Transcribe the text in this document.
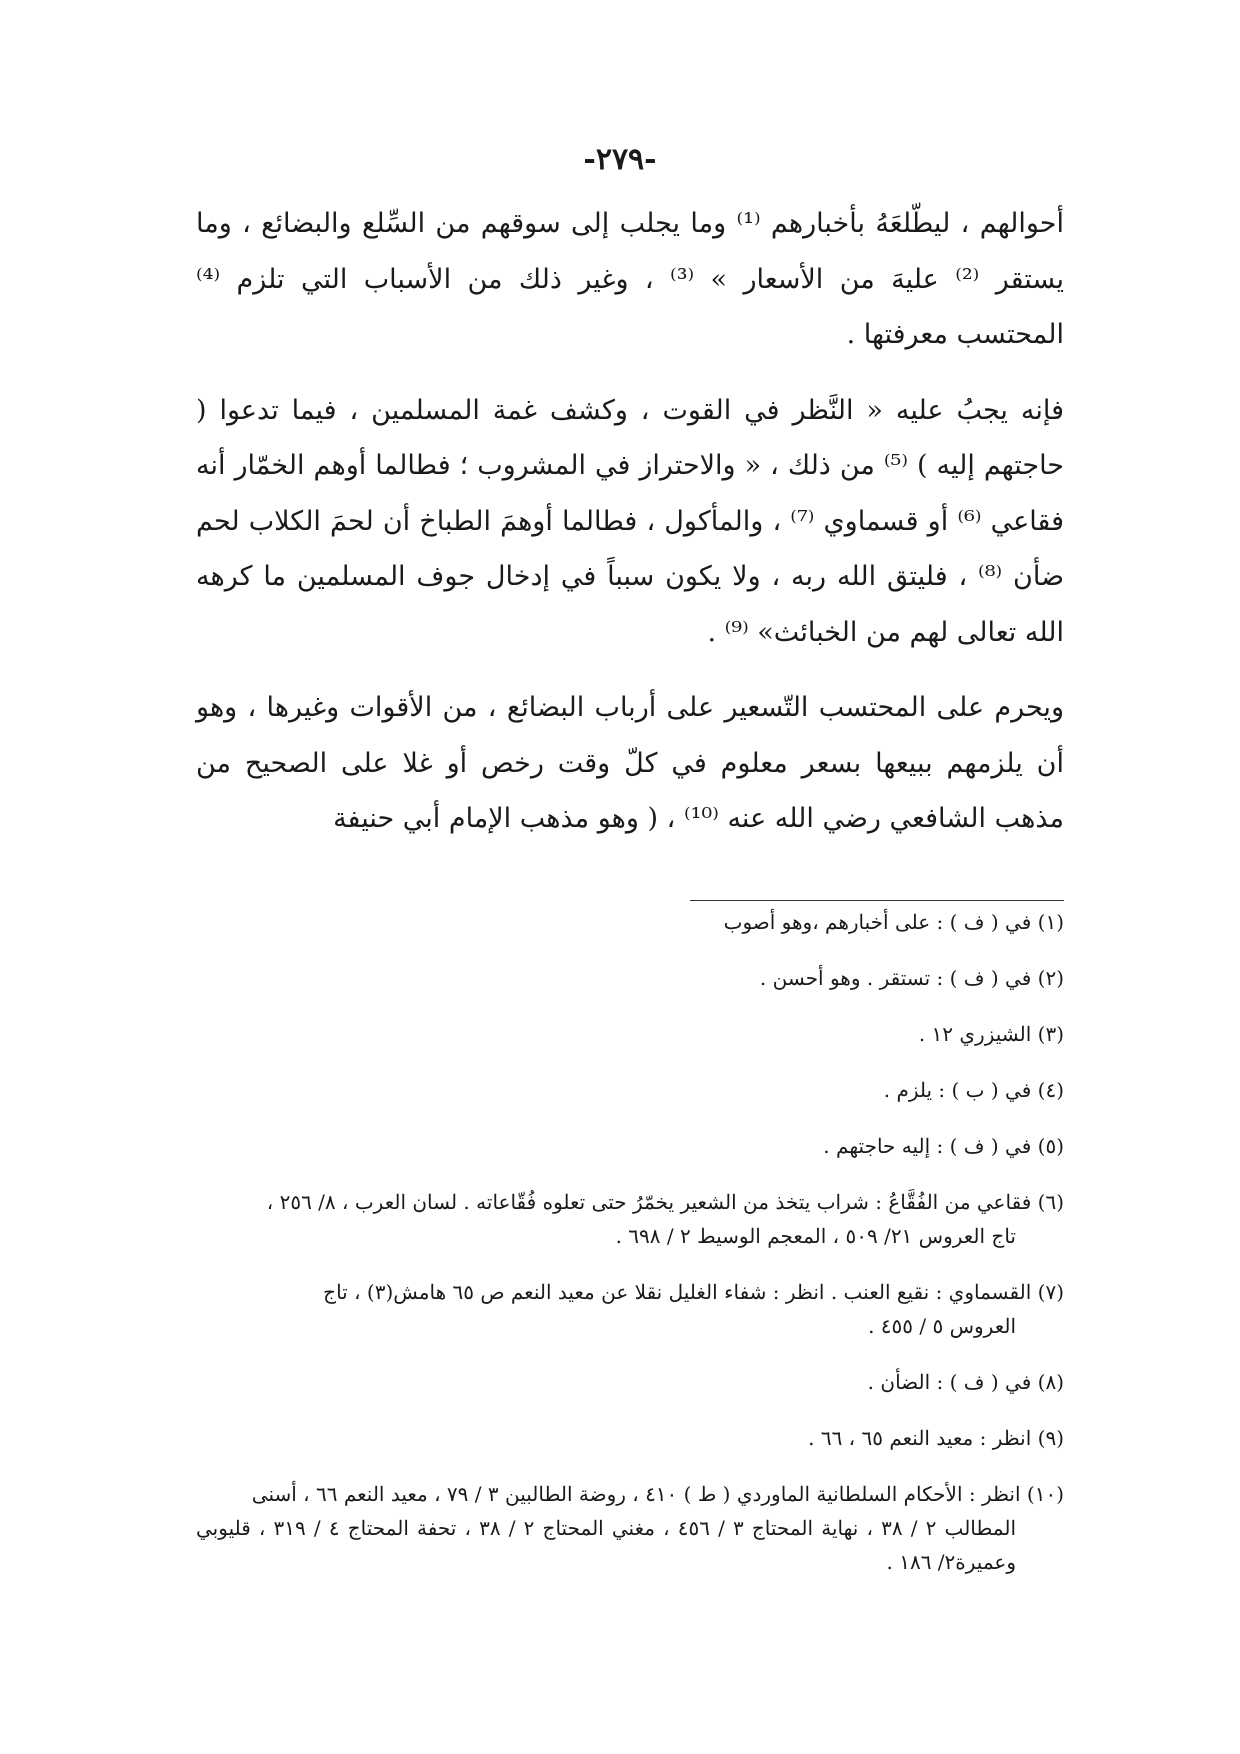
-٢٧٩-

أحوالهم ، ليطّلعَهُ بأخبارهم ⁽¹⁾ وما يجلب إلى سوقهم من السِّلع والبضائع ، وما يستقر ⁽²⁾ عليهَ من الأسعار » ⁽³⁾ ، وغير ذلك من الأسباب التي تلزم ⁽⁴⁾ المحتسب معرفتها .

فإنه يجبُ عليه « النَّظر في القوت ، وكشف غمة المسلمين ، فيما تدعوا ( حاجتهم إليه ) ⁽⁵⁾ من ذلك ، « والاحتراز في المشروب ؛ فطالما أوهم الخمّار أنه فقاعي ⁽⁶⁾ أو قسماوي ⁽⁷⁾ ، والمأكول ، فطالما أوهمَ الطباخ أن لحمَ الكلاب لحم ضأن ⁽⁸⁾ ، فليتق الله ربه ، ولا يكون سبباً في إدخال جوف المسلمين ما كرهه الله تعالى لهم من الخبائث» ⁽⁹⁾ .

ويحرم على المحتسب التّسعير على أرباب البضائع ، من الأقوات وغيرها ، وهو أن يلزمهم ببيعها بسعر معلوم في كلّ وقت رخص أو غلا على الصحيح من مذهب الشافعي رضي الله عنه ⁽¹⁰⁾ ، ( وهو مذهب الإمام أبي حنيفة

(١) في ( ف ) : على أخبارهم ،وهو أصوب

(٢) في ( ف ) : تستقر . وهو أحسن .

(٣) الشيزري ١٢ .

(٤) في ( ب ) : يلزم .

(٥) في ( ف ) : إليه حاجتهم .

(٦) فقاعي من الفُقَّاعُ : شراب يتخذ من الشعير يخمّرُ حتى تعلوه فُقّاعاته . لسان العرب ، ٨/ ٢٥٦ ،
تاج العروس ٢١/ ٥٠٩ ، المعجم الوسيط ٢ / ٦٩٨ .

(٧) القسماوي : نقيع العنب . انظر : شفاء الغليل نقلا عن معيد النعم ص ٦٥ هامش(٣) ، تاج
العروس ٥ / ٤٥٥ .

(٨) في ( ف ) : الضأن .

(٩) انظر : معيد النعم ٦٥ ، ٦٦ .

(١٠) انظر : الأحكام السلطانية الماوردي ( ط ) ٤١٠ ، روضة الطالبين ٣ / ٧٩ ، معيد النعم ٦٦ ، أسنى
المطالب ٢ / ٣٨ ، نهاية المحتاج ٣ / ٤٥٦ ، مغني المحتاج ٢ / ٣٨ ، تحفة المحتاج ٤ / ٣١٩ ، قليوبي وعميرة٢/ ١٨٦ .
